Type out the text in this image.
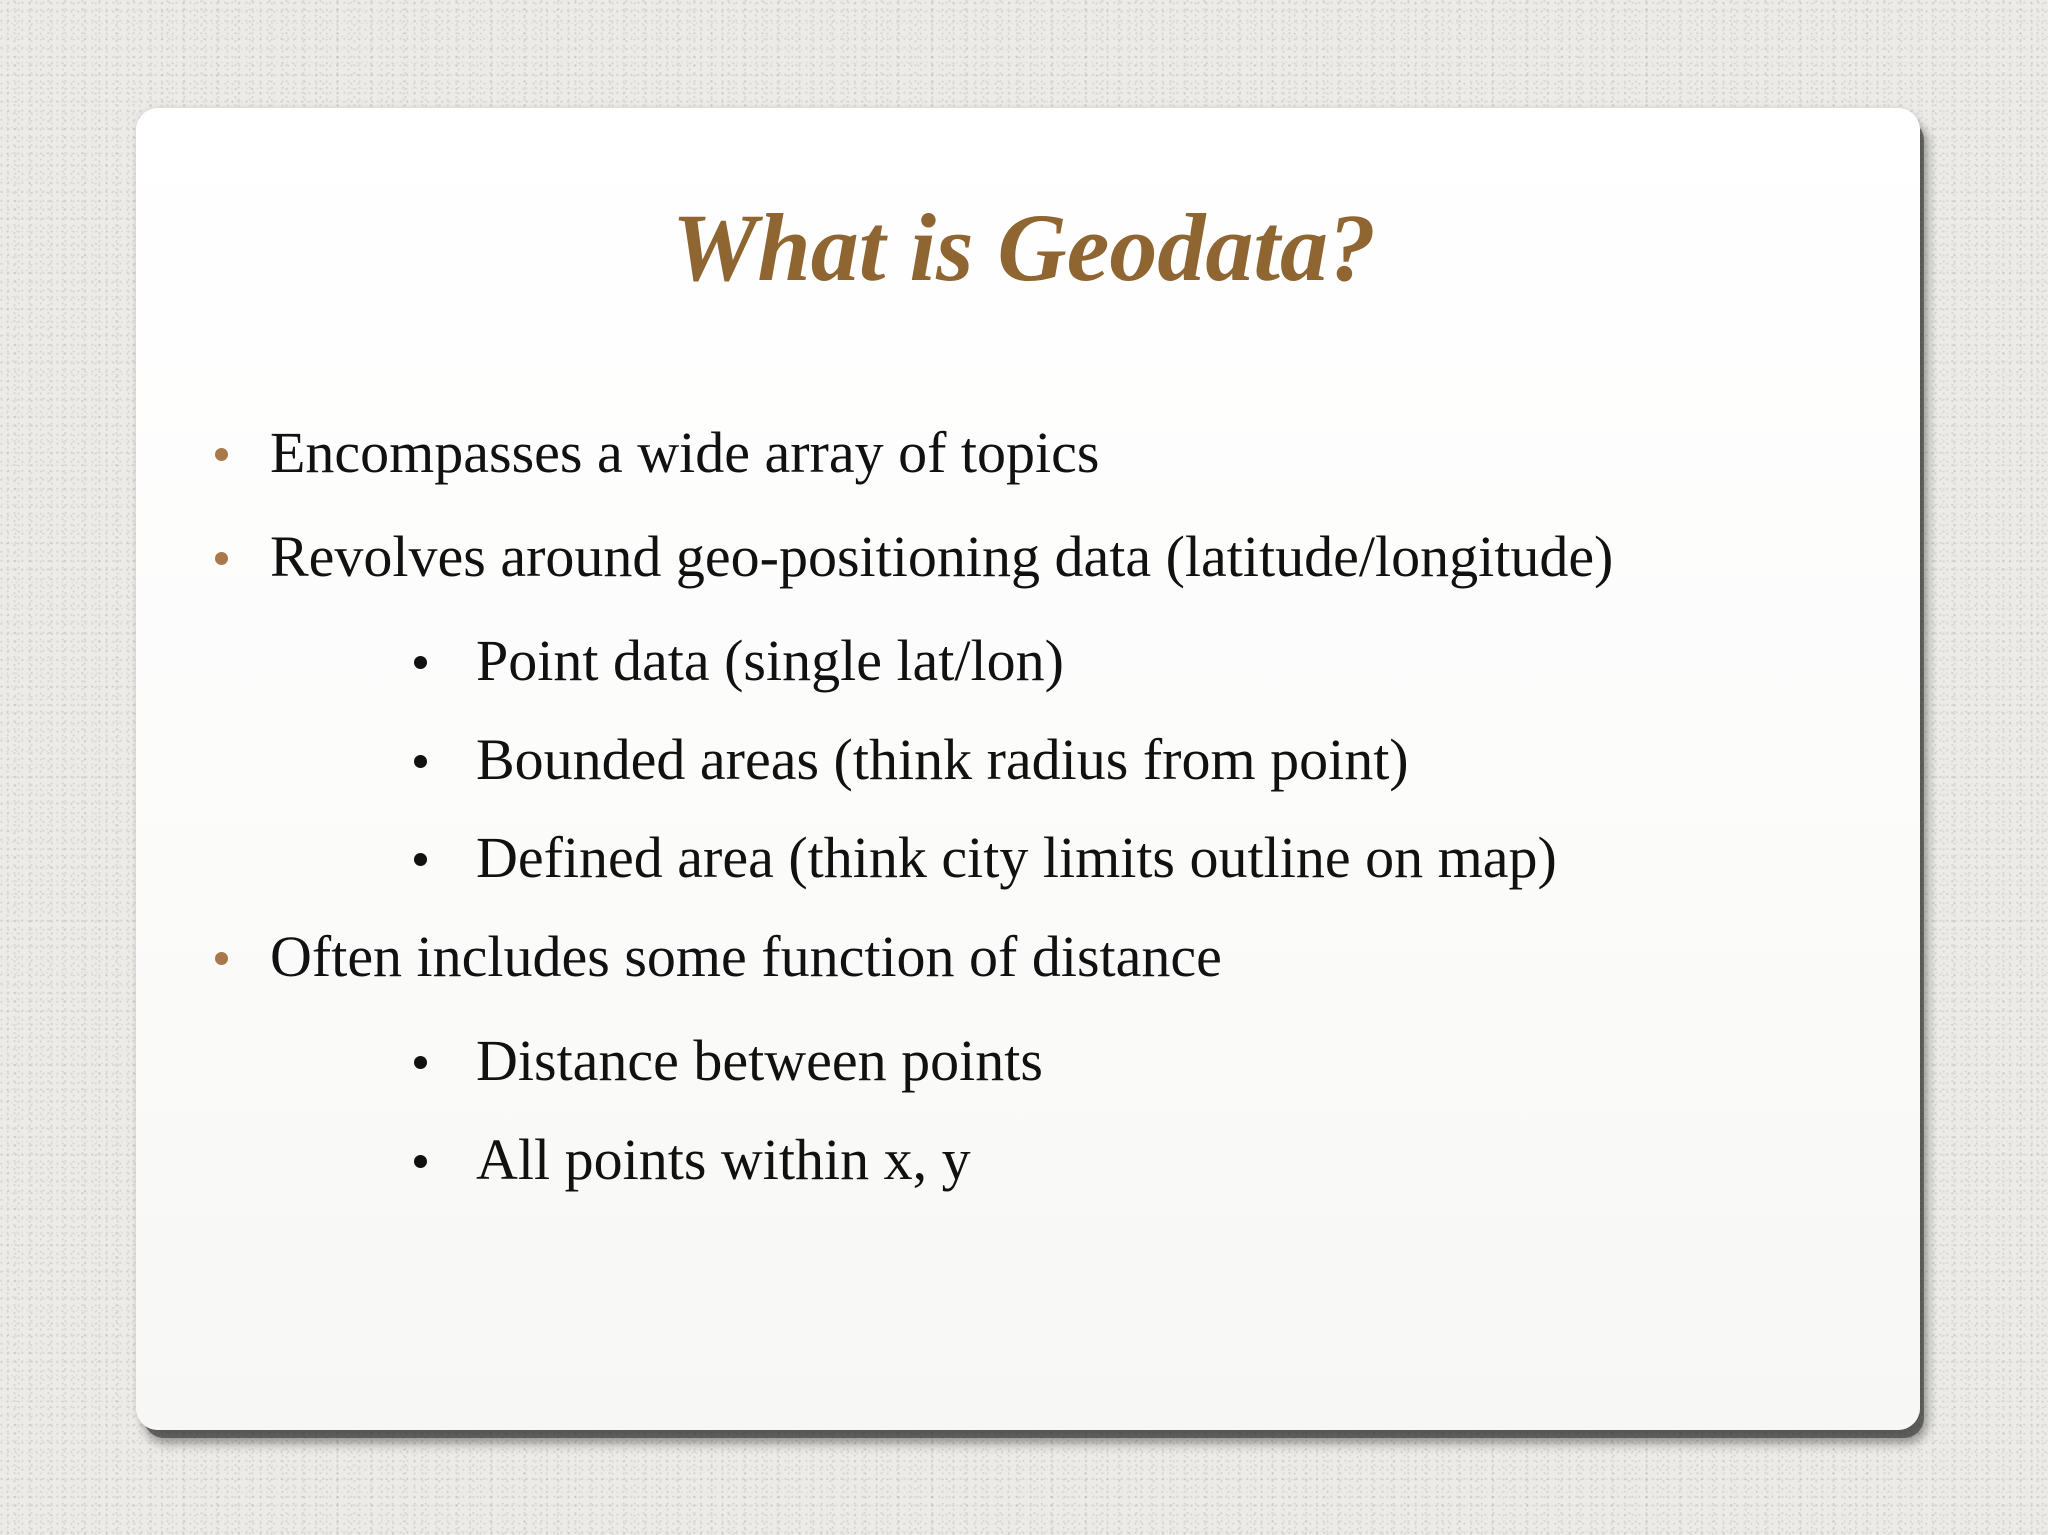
What is Geodata?
Encompasses a wide array of topics
Revolves around geo-positioning data (latitude/longitude)
Point data (single lat/lon)
Bounded areas (think radius from point)
Defined area (think city limits outline on map)
Often includes some function of distance
Distance between points
All points within x, y
